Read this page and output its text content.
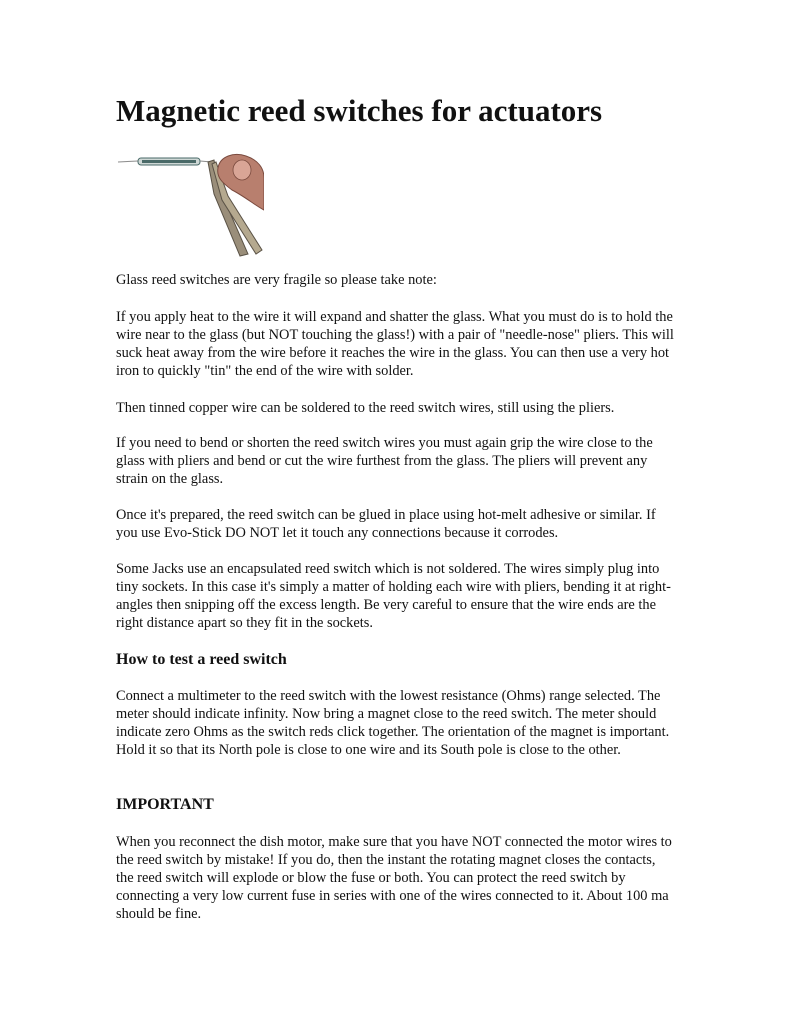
Magnetic reed switches for actuators

Glass reed switches are very fragile so please take note:

If you apply heat to the wire it will expand and shatter the glass. What you must do is to hold the wire near to the glass (but NOT touching the glass!) with a pair of "needle-nose" pliers. This will suck heat away from the wire before it reaches the wire in the glass. You can then use a very hot iron to quickly "tin" the end of the wire with solder.

Then tinned copper wire can be soldered to the reed switch wires, still using the pliers.

If you need to bend or shorten the reed switch wires you must again grip the wire close to the glass with pliers and bend or cut the wire furthest from the glass. The pliers will prevent any strain on the glass.

Once it's prepared, the reed switch can be glued in place using hot-melt adhesive or similar. If you use Evo-Stick DO NOT let it touch any connections because it corrodes.

Some Jacks use an encapsulated reed switch which is not soldered. The wires simply plug into tiny sockets. In this case it's simply a matter of holding each wire with pliers, bending it at right-angles then snipping off the excess length. Be very careful to ensure that the wire ends are the right distance apart so they fit in the sockets.

How to test a reed switch

Connect a multimeter to the reed switch with the lowest resistance (Ohms) range selected. The meter should indicate infinity. Now bring a magnet close to the reed switch. The meter should indicate zero Ohms as the switch reds click together. The orientation of the magnet is important. Hold it so that its North pole is close to one wire and its South pole is close to the other.

IMPORTANT

When you reconnect the dish motor, make sure that you have NOT connected the motor wires to the reed switch by mistake! If you do, then the instant the rotating magnet closes the contacts, the reed switch will explode or blow the fuse or both. You can protect the reed switch by connecting a very low current fuse in series with one of the wires connected to it. About 100 ma should be fine.
